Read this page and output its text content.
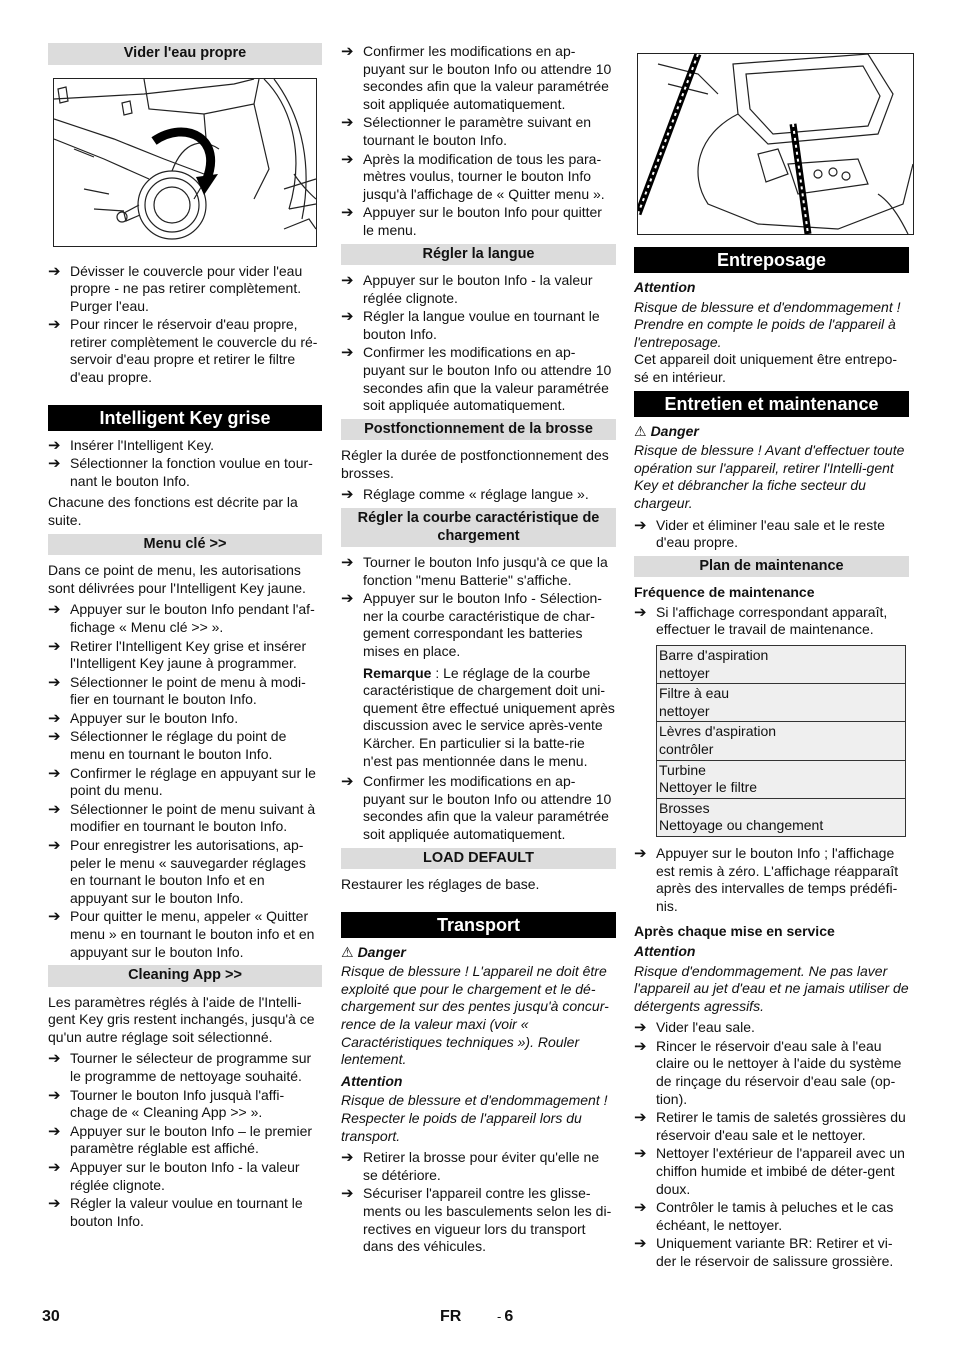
Vider l'eau propre
➔ Dévisser le couvercle pour vider l'eau propre - ne pas retirer complètement. Purger l'eau.
➔ Pour rincer le réservoir d'eau propre, retirer complètement le couvercle du ré-servoir d'eau propre et retirer le filtre d'eau propre.
Intelligent Key grise
➔ Insérer l'Intelligent Key.
➔ Sélectionner la fonction voulue en tour-nant le bouton Info.

Chacune des fonctions est décrite par la suite.

Menu clé >>

Dans ce point de menu, les autorisations sont délivrées pour l'Intelligent Key jaune.

➔ Appuyer sur le bouton Info pendant l'af-fichage « Menu clé >> ».
➔ Retirer l'Intelligent Key grise et insérer l'Intelligent Key jaune à programmer.
➔ Sélectionner le point de menu à modi-fier en tournant le bouton Info.
➔ Appuyer sur le bouton Info.
➔ Sélectionner le réglage du point de menu en tournant le bouton Info.
➔ Confirmer le réglage en appuyant sur le point du menu.
➔ Sélectionner le point de menu suivant à modifier en tournant le bouton Info.
➔ Pour enregistrer les autorisations, ap-peler le menu « sauvegarder réglages en tournant le bouton Info et en appuyant sur le bouton Info.
➔ Pour quitter le menu, appeler « Quitter menu » en tournant le bouton info et en appuyant sur le bouton Info.
Cleaning App >>

Les paramètres réglés à l'aide de l'Intelli-gent Key gris restent inchangés, jusqu'à ce qu'un autre réglage soit sélectionné.

➔ Tourner le sélecteur de programme sur le programme de nettoyage souhaité.
➔ Tourner le bouton Info jusquà l'affi-chage de « Cleaning App >> ».
➔ Appuyer sur le bouton Info – le premier paramètre réglable est affiché.
➔ Appuyer sur le bouton Info - la valeur réglée clignote.
➔ Régler la valeur voulue en tournant le bouton Info.
➔ Confirmer les modifications en ap-puyant sur le bouton Info ou attendre 10 secondes afin que la valeur paramétrée soit appliquée automatiquement.
➔ Sélectionner le paramètre suivant en tournant le bouton Info.
➔ Après la modification de tous les para-mètres voulus, tourner le bouton Info jusqu'à l'affichage de « Quitter menu ».
➔ Appuyer sur le bouton Info pour quitter le menu.
Régler la langue
➔ Appuyer sur le bouton Info - la valeur réglée clignote.
➔ Régler la langue voulue en tournant le bouton Info.
➔ Confirmer les modifications en ap-puyant sur le bouton Info ou attendre 10 secondes afin que la valeur paramétrée soit appliquée automatiquement.
Postfonctionnement de la brosse

Régler la durée de postfonctionnement des brosses.

➔ Réglage comme « réglage langue ».
Régler la courbe caractéristique de chargement
➔ Tourner le bouton Info jusqu'à ce que la fonction "menu Batterie" s'affiche.
➔ Appuyer sur le bouton Info - Sélection-ner la courbe caractéristique de char-gement correspondant les batteries mises en place.

Remarque : Le réglage de la courbe caractéristique de chargement doit uni-quement être effectué uniquement après discussion avec le service après-vente Kärcher. En particulier si la batte-rie n'est pas mentionnée dans le menu.

➔ Confirmer les modifications en ap-puyant sur le bouton Info ou attendre 10 secondes afin que la valeur paramétrée soit appliquée automatiquement.
LOAD DEFAULT

Restaurer les réglages de base.

Transport
⚠ Danger

Risque de blessure ! L'appareil ne doit être exploité que pour le chargement et le dé-chargement sur des pentes jusqu'à concur-rence de la valeur maxi (voir « Caractéristiques techniques »). Rouler lentement.

Attention

Risque de blessure et d'endommagement ! Respecter le poids de l'appareil lors du transport.

➔ Retirer la brosse pour éviter qu'elle ne se détériore.
➔ Sécuriser l'appareil contre les glisse-ments ou les basculements selon les di-rectives en vigueur lors du transport dans des véhicules.
Entreposage
Attention

Risque de blessure et d'endommagement ! Prendre en compte le poids de l'appareil à l'entreposage.

Cet appareil doit uniquement être entrepo-sé en intérieur.

Entretien et maintenance
⚠ Danger

Risque de blessure ! Avant d'effectuer toute opération sur l'appareil, retirer l'Intelli-gent Key et débrancher la fiche secteur du chargeur.

➔ Vider et éliminer l'eau sale et le reste d'eau propre.
Plan de maintenance
Fréquence de maintenance
➔ Si l'affichage correspondant apparaît, effectuer le travail de maintenance.
Barre d'aspiration
nettoyer
Filtre à eau
nettoyer
Lèvres d'aspiration
contrôler
Turbine
Nettoyer le filtre
Brosses
Nettoyage ou changement
➔ Appuyer sur le bouton Info ; l'affichage est remis à zéro. L'affichage réapparaît après des intervalles de temps prédéfi-nis.
Après chaque mise en service
Attention

Risque d'endommagement. Ne pas laver l'appareil au jet d'eau et ne jamais utiliser de détergents agressifs.

➔ Vider l'eau sale.
➔ Rincer le réservoir d'eau sale à l'eau claire ou le nettoyer à l'aide du système de rinçage du réservoir d'eau sale (op-tion).
➔ Retirer le tamis de saletés grossières du réservoir d'eau sale et le nettoyer.
➔ Nettoyer l'extérieur de l'appareil avec un chiffon humide et imbibé de déter-gent doux.
➔ Contrôler le tamis à peluches et le cas échéant, le nettoyer.
➔ Uniquement variante BR: Retirer et vi-der le réservoir de salissure grossière.
30	FR	- 6
